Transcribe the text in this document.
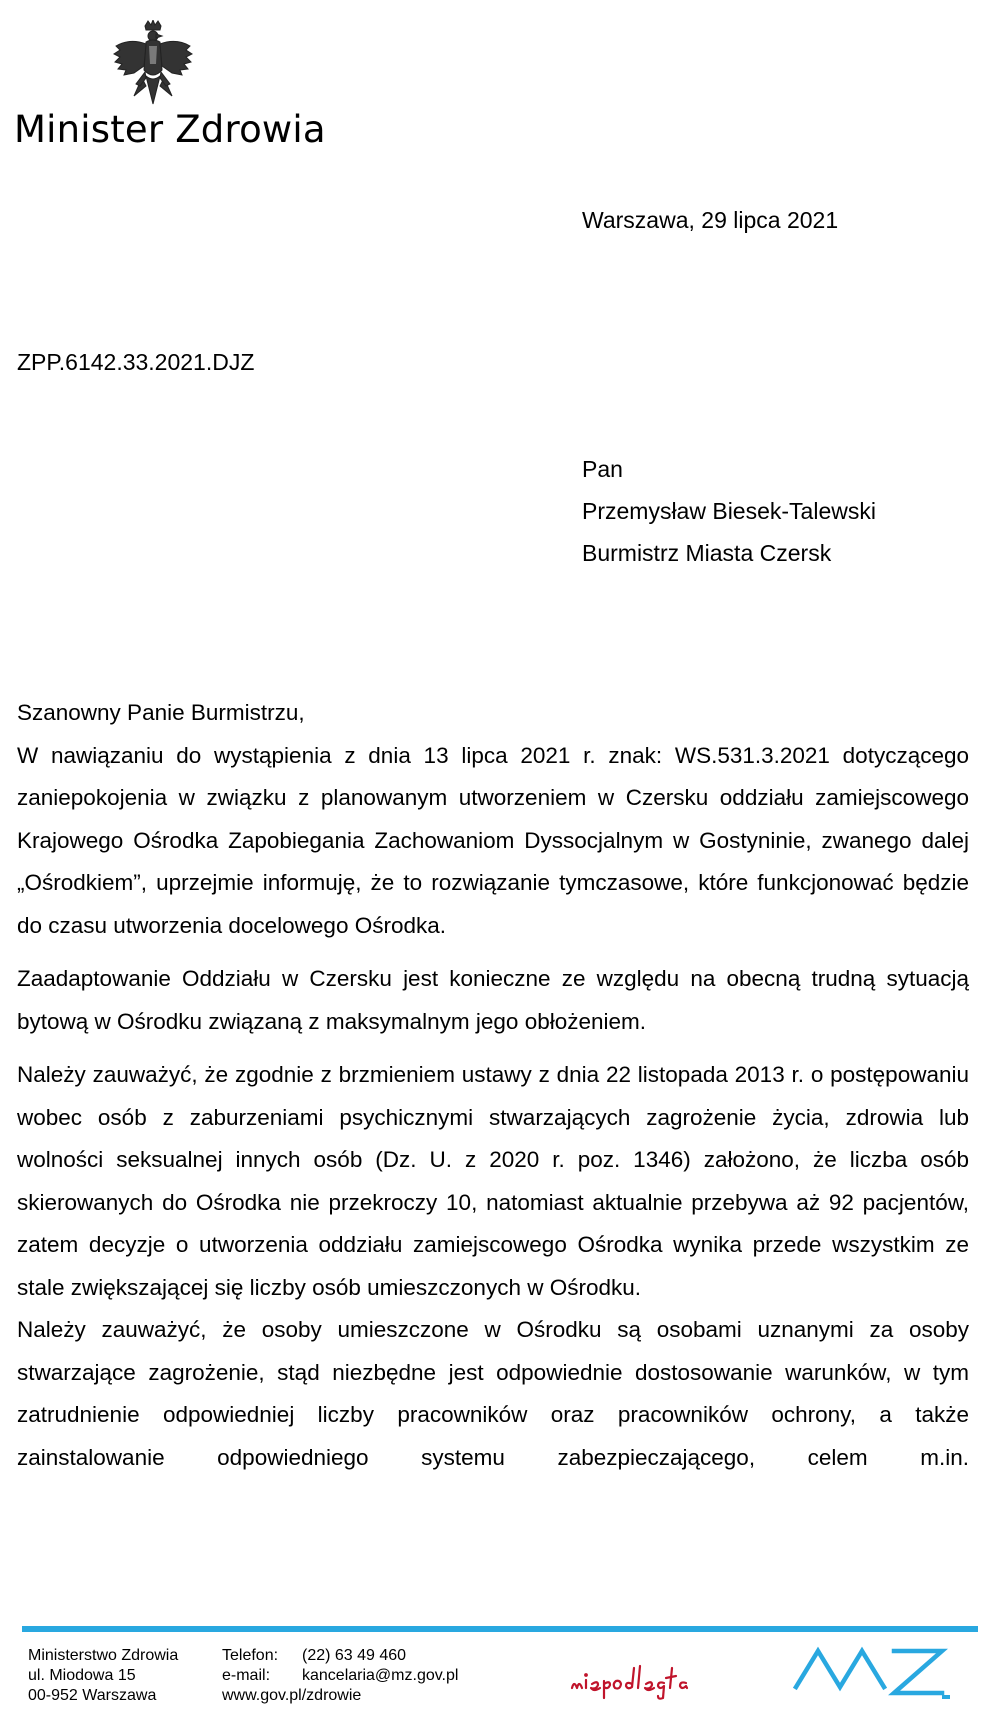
Minister Zdrowia
Warszawa, 29 lipca 2021
ZPP.6142.33.2021.DJZ
Pan
Przemysław Biesek-Talewski
Burmistrz Miasta Czersk

Szanowny Panie Burmistrzu,

W nawiązaniu do wystąpienia z dnia 13 lipca 2021 r. znak: WS.531.3.2021 dotyczącego zaniepokojenia w związku z planowanym utworzeniem w Czersku oddziału zamiejscowego Krajowego Ośrodka Zapobiegania Zachowaniom Dyssocjalnym w Gostyninie, zwanego dalej „Ośrodkiem”, uprzejmie informuję, że to rozwiązanie tymczasowe, które funkcjonować będzie do czasu utworzenia docelowego Ośrodka.

Zaadaptowanie Oddziału w Czersku jest konieczne ze względu na obecną trudną sytuacją bytową w Ośrodku związaną z maksymalnym jego obłożeniem.

Należy zauważyć, że zgodnie z brzmieniem ustawy z dnia 22 listopada 2013 r. o postępowaniu wobec osób z zaburzeniami psychicznymi stwarzających zagrożenie życia, zdrowia lub wolności seksualnej innych osób (Dz. U. z 2020 r. poz. 1346) założono, że liczba osób skierowanych do Ośrodka nie przekroczy 10, natomiast aktualnie przebywa aż 92 pacjentów, zatem decyzje o utworzenia oddziału zamiejscowego Ośrodka wynika przede wszystkim ze stale zwiększającej się liczby osób umieszczonych w Ośrodku.

Należy zauważyć, że osoby umieszczone w Ośrodku są osobami uznanymi za osoby stwarzające zagrożenie, stąd niezbędne jest odpowiednie dostosowanie warunków, w tym zatrudnienie odpowiedniej liczby pracowników oraz pracowników ochrony, a także zainstalowanie odpowiedniego systemu zabezpieczającego, celem m.in.

Ministerstwo Zdrowia
ul. Miodowa 15
00-952 Warszawa
Telefon:	(22) 63 49 460
e-mail:	kancelaria@mz.gov.pl
www.gov.pl/zdrowie
